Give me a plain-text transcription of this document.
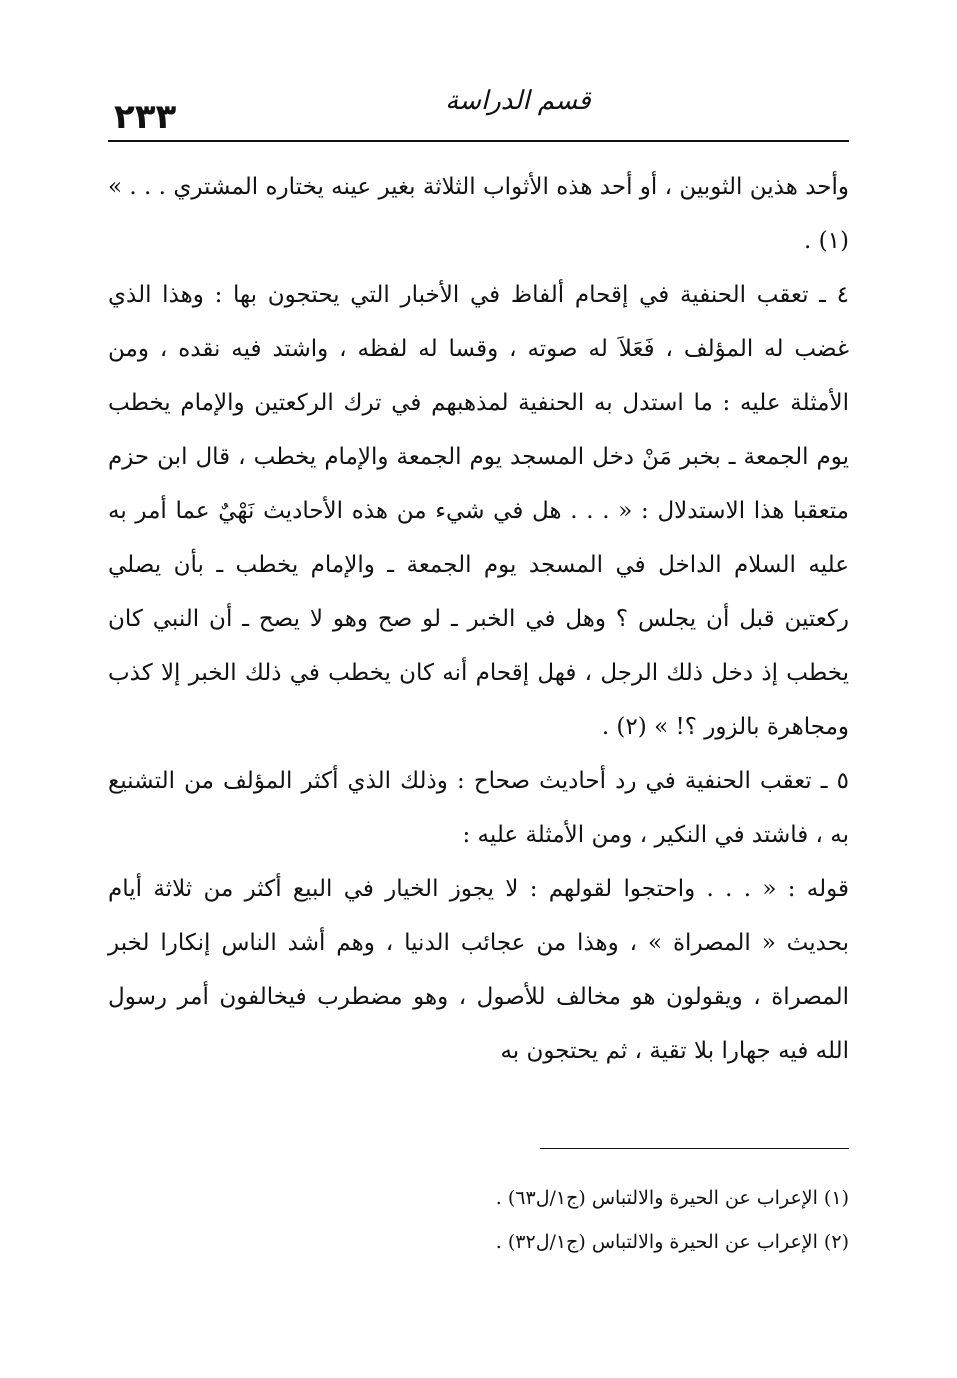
٢٣٣	قسم الدراسة

وأحد هذين الثوبين ، أو أحد هذه الأثواب الثلاثة بغير عينه يختاره المشتري . . . » (١) .

٤ ـ تعقب الحنفية في إقحام ألفاظ في الأخبار التي يحتجون بها : وهذا الذي غضب له المؤلف ، فَعَلاَ له صوته ، وقسا له لفظه ، واشتد فيه نقده ، ومن الأمثلة عليه : ما استدل به الحنفية لمذهبهم في ترك الركعتين والإمام يخطب يوم الجمعة ـ بخبر مَنْ دخل المسجد يوم الجمعة والإمام يخطب ، قال ابن حزم متعقبا هذا الاستدلال : « . . . هل في شيء من هذه الأحاديث نَهْيٌ عما أمر به عليه السلام الداخل في المسجد يوم الجمعة ـ والإمام يخطب ـ بأن يصلي ركعتين قبل أن يجلس ؟ وهل في الخبر ـ لو صح وهو لا يصح ـ أن النبي كان يخطب إذ دخل ذلك الرجل ، فهل إقحام أنه كان يخطب في ذلك الخبر إلا كذب ومجاهرة بالزور ؟! » (٢) .

٥ ـ تعقب الحنفية في رد أحاديث صحاح : وذلك الذي أكثر المؤلف من التشنيع به ، فاشتد في النكير ، ومن الأمثلة عليه :

قوله : « . . . واحتجوا لقولهم : لا يجوز الخيار في البيع أكثر من ثلاثة أيام بحديث « المصراة » ، وهذا من عجائب الدنيا ، وهم أشد الناس إنكارا لخبر المصراة ، ويقولون هو مخالف للأصول ، وهو مضطرب فيخالفون أمر رسول الله فيه جهارا بلا تقية ، ثم يحتجون به

(١) الإعراب عن الحيرة والالتباس (ج١/ل٦٣) .

(٢) الإعراب عن الحيرة والالتباس (ج١/ل٣٢) .
